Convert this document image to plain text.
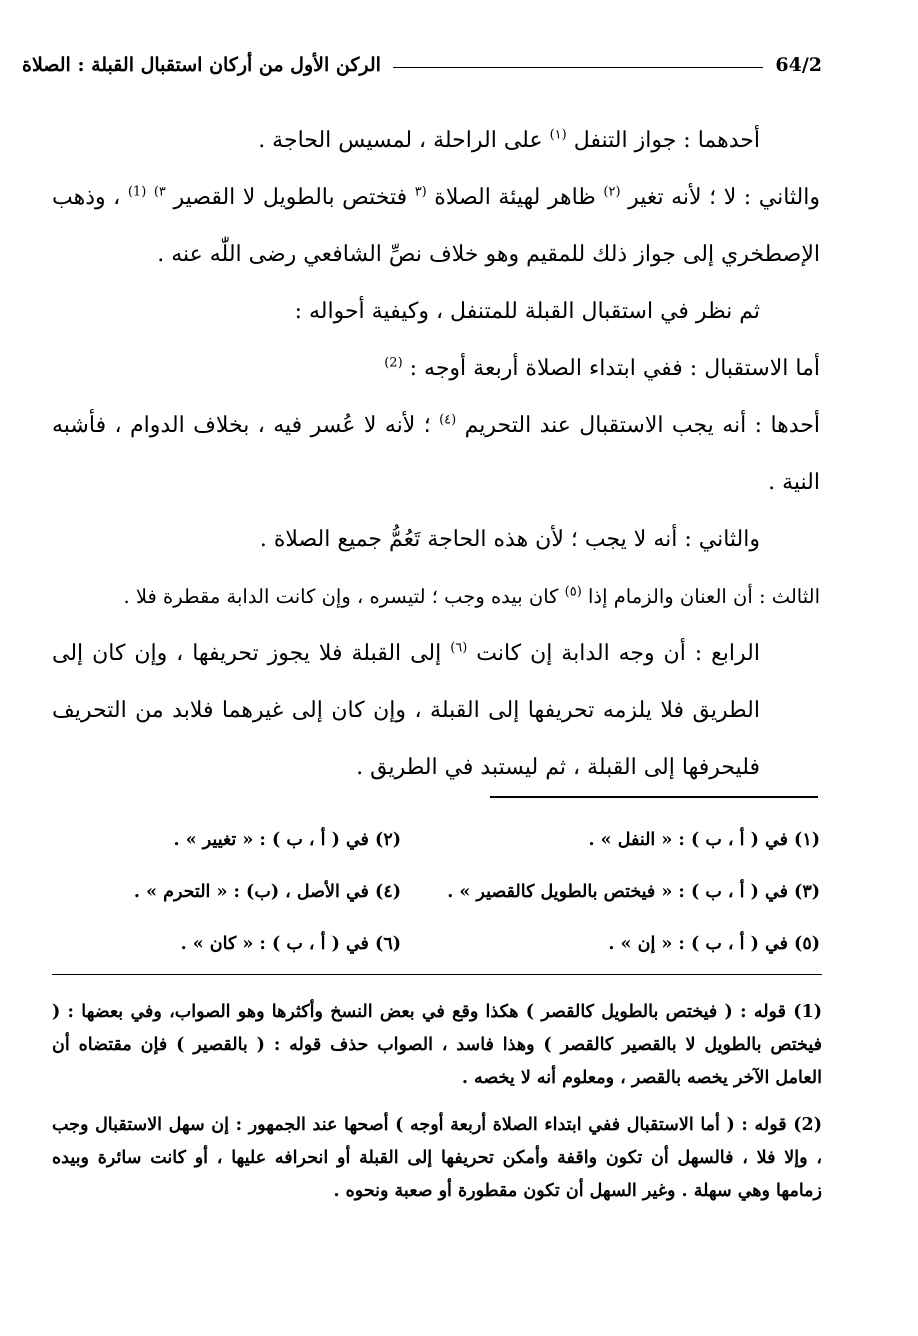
64/2
الركن الأول من أركان استقبال القبلة : الصلاة

أحدهما : جواز التنفل $^{(١)}$ على الراحلة ، لمسيس الحاجة .

والثاني : لا ؛ لأنه تغير $^{(٢)}$ ظاهر لهيئة الصلاة $^{(٣}$ فتختص بالطويل لا القصير $^{٣)}$ $^{(1)}$ ، وذهب الإصطخري إلى جواز ذلك للمقيم وهو خلاف نصِّ الشافعي رضى اللّٰه عنه .

ثم نظر في استقبال القبلة للمتنفل ، وكيفية أحواله :

أما الاستقبال : ففي ابتداء الصلاة أربعة أوجه : $^{(2)}$

أحدها : أنه يجب الاستقبال عند التحريم $^{(٤)}$ ؛ لأنه لا عُسر فيه ، بخلاف الدوام ، فأشبه النية .

والثاني : أنه لا يجب ؛ لأن هذه الحاجة تَعُمُّ جميع الصلاة .

الثالث : أن العنان والزمام إذا $^{(٥)}$ كان بيده وجب ؛ لتيسره ، وإن كانت الدابة مقطرة فلا .

الرابع : أن وجه الدابة إن كانت $^{(٦)}$ إلى القبلة فلا يجوز تحريفها ، وإن كان إلى الطريق فلا يلزمه تحريفها إلى القبلة ، وإن كان إلى غيرهما فلابد من التحريف فليحرفها إلى القبلة ، ثم ليستبد في الطريق .

(١) في ( أ ، ب ) : « النفل » .
(٢) في ( أ ، ب ) : « تغيير » .
(٣) في ( أ ، ب ) : « فيختص بالطويل كالقصير » .
(٤) في الأصل ، (ب) : « التحرم » .
(٥) في ( أ ، ب ) : « إن » .
(٦) في ( أ ، ب ) : « كان » .

(1) قوله : ( فيختص بالطويل كالقصر ) هكذا وقع في بعض النسخ وأكثرها وهو الصواب، وفي بعضها : ( فيختص بالطويل لا بالقصير كالقصر ) وهذا فاسد ، الصواب حذف قوله : ( بالقصير ) فإن مقتضاه أن العامل الآخر يخصه بالقصر ، ومعلوم أنه لا يخصه .

(2) قوله : ( أما الاستقبال ففي ابتداء الصلاة أربعة أوجه ) أصحها عند الجمهور : إن سهل الاستقبال وجب ، وإلا فلا ، فالسهل أن تكون واقفة وأمكن تحريفها إلى القبلة أو انحرافه عليها ، أو كانت سائرة وبيده زمامها وهي سهلة . وغير السهل أن تكون مقطورة أو صعبة ونحوه .
